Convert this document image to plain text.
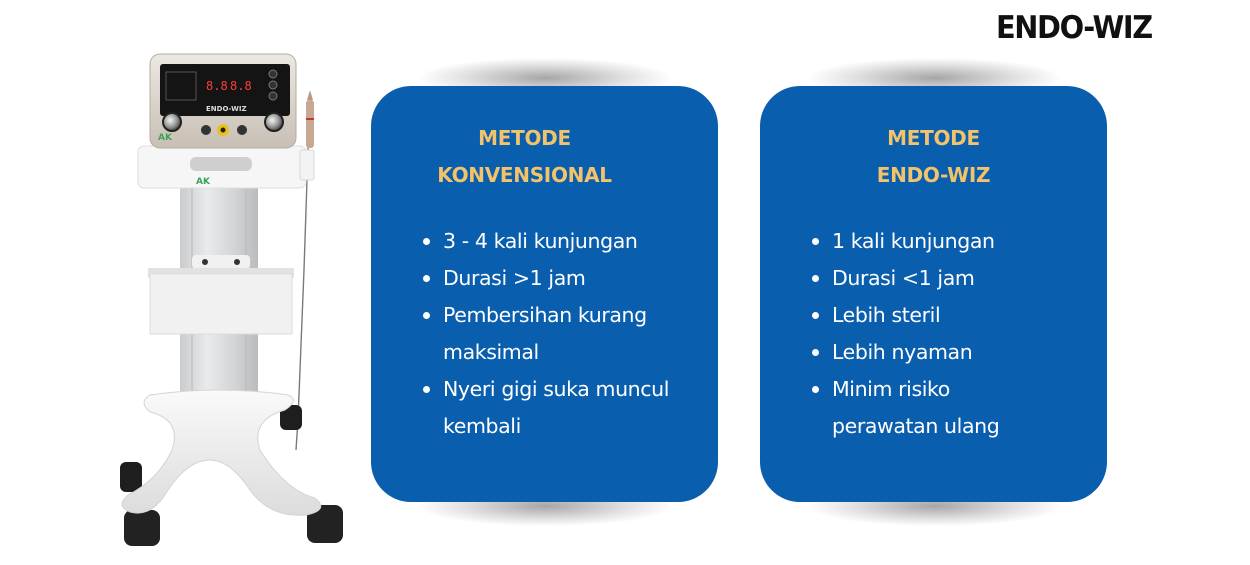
ENDO-WIZ
AK
8.8 8.8
ENDO-WIZ
AK	METODE
KONVENSIONAL
3 - 4 kali kunjungan
Durasi >1 jam
Pembersihan kurang
maksimal
Nyeri gigi suka muncul
kembali
METODE
ENDO-WIZ
1 kali kunjungan
Durasi <1 jam
Lebih steril
Lebih nyaman
Minim risiko
perawatan ulang
